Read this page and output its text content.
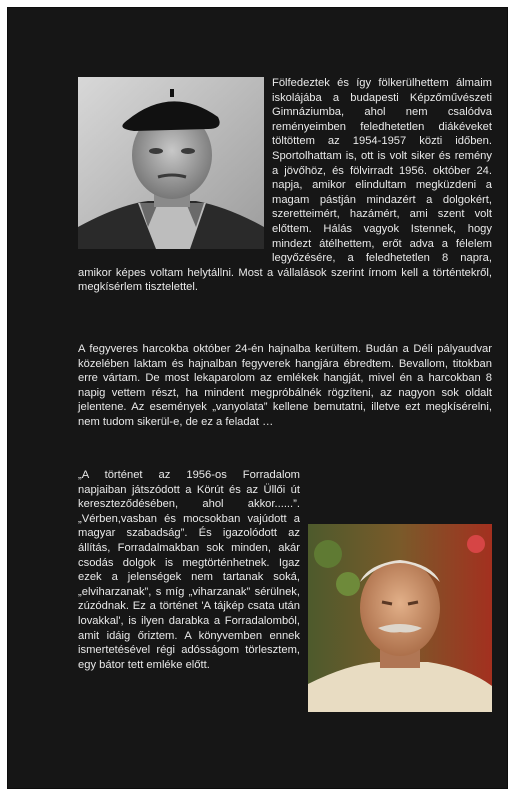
Fölfedeztek és így fölkerülhettem álmaim iskolájába a budapesti Képzőművészeti Gimnáziumba, ahol nem csalódva reményeimben feledhetetlen diákéveket töltöttem az 1954-1957 közti időben. Sportolhattam is, ott is volt siker és remény a jövőhöz, és fölvirradt 1956. október 24. napja, amikor elindultam megküzdeni a magam pástján mindazért a dolgokért, szeretteimért, hazámért, ami szent volt előttem. Hálás vagyok Istennek, hogy mindezt átélhettem, erőt adva a félelem legyőzésére, a feledhetetlen 8 napra, amikor képes voltam helytállni. Most a vállalások szerint írnom kell a történtekről, megkísérlem tisztelettel.
A fegyveres harcokba október 24-én hajnalba kerültem. Budán a Déli pályaudvar közelében laktam és hajnalban fegyverek hangjára ébredtem. Bevallom, titokban erre vártam. De most lekaparolom az emlékek hangját, mivel én a harcokban 8 napig vettem részt, ha mindent megpróbálnék rögzíteni, az nagyon sok oldalt jelentene. Az események „vanyolata” kellene bemutatni, illetve ezt megkísérelni, nem tudom sikerül-e, de ez a feladat …
„A történet az 1956-os Forradalom napjaiban játszódott a Körút és az Üllői út kereszteződésében, ahol akkor......”. „Vérben,vasban és mocsokban vajúdott a magyar szabadság”. És igazolódott az állítás, Forradalmakban sok minden, akár csodás dolgok is megtörténhetnek. Igaz ezek a jelenségek nem tartanak soká, „elviharzanak”, s míg „viharzanak” sérülnek, zúzódnak. Ez a történet 'A tájkép csata után lovakkal', is ilyen darabka a Forradalomból, amit idáig őriztem. A könyvemben ennek ismertetésével régi adósságom törlesztem, egy bátor tett emléke előtt.
